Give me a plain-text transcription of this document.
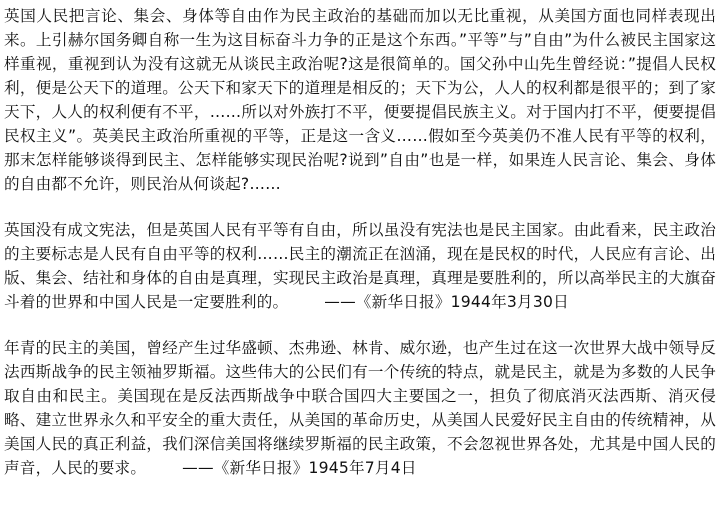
英国人民把言论、集会、身体等自由作为民主政治的基础而加以无比重视，从美国方面也同样表现出来。上引赫尔国务卿自称一生为这目标奋斗力争的正是这个东西。”平等”与”自由”为什么被民主国家这样重视，重视到认为没有这就无从谈民主政治呢?这是很简单的。国父孙中山先生曾经说：”提倡人民权利，便是公天下的道理。公天下和家天下的道理是相反的；天下为公，人人的权利都是很平的；到了家天下，人人的权利便有不平，……所以对外族打不平，便要提倡民族主义。对于国内打不平，便要提倡民权主义”。英美民主政治所重视的平等，正是这一含义……假如至今英美仍不准人民有平等的权利，那末怎样能够谈得到民主、怎样能够实现民治呢?说到”自由”也是一样，如果连人民言论、集会、身体的自由都不允许，则民治从何谈起?……

英国没有成文宪法，但是英国人民有平等有自由，所以虽没有宪法也是民主国家。由此看来，民主政治的主要标志是人民有自由平等的权利……民主的潮流正在汹涌，现在是民权的时代，人民应有言论、出版、集会、结社和身体的自由是真理，实现民主政治是真理，真理是要胜利的，所以高举民主的大旗奋斗着的世界和中国人民是一定要胜利的。 ——《新华日报》1944年3月30日

年青的民主的美国，曾经产生过华盛顿、杰弗逊、林肯、威尔逊，也产生过在这一次世界大战中领导反法西斯战争的民主领袖罗斯福。这些伟大的公民们有一个传统的特点，就是民主，就是为多数的人民争取自由和民主。美国现在是反法西斯战争中联合国四大主要国之一，担负了彻底消灭法西斯、消灭侵略、建立世界永久和平安全的重大责任，从美国的革命历史，从美国人民爱好民主自由的传统精神，从美国人民的真正利益，我们深信美国将继续罗斯福的民主政策，不会忽视世界各处，尤其是中国人民的声音，人民的要求。 ——《新华日报》1945年7月4日
